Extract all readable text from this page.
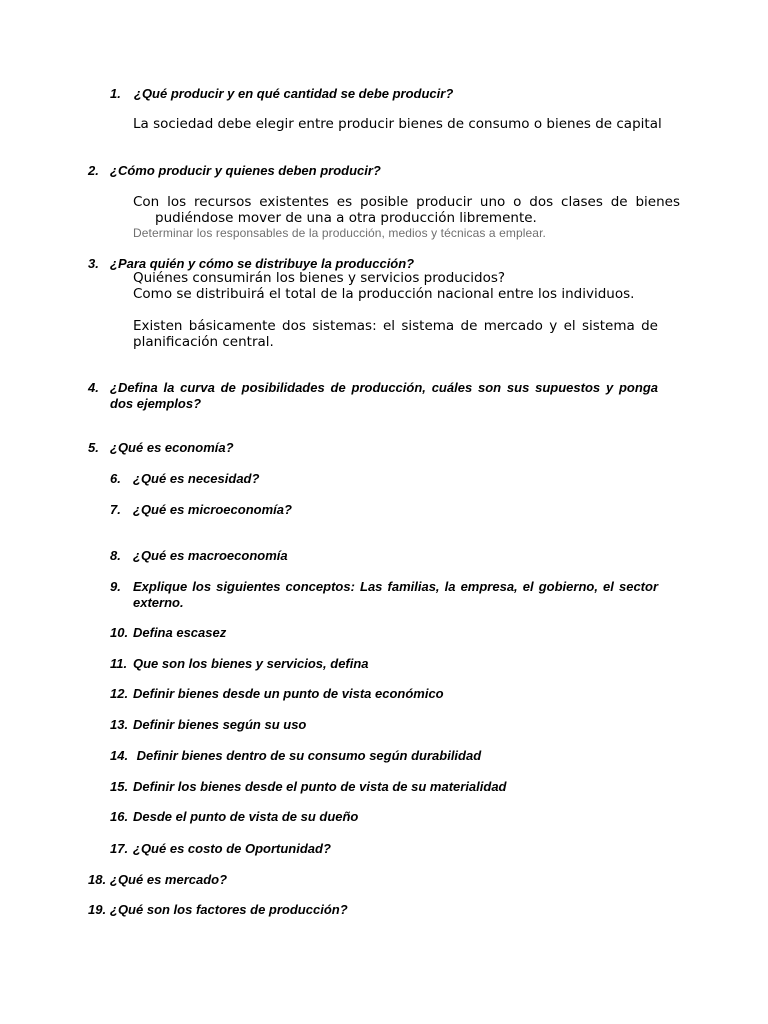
1. ¿Qué producir y en qué cantidad se debe producir?
La sociedad debe elegir entre producir bienes de consumo o bienes de capital
2. ¿Cómo producir y quienes deben producir?
Con los recursos existentes es posible producir uno o dos clases de bienes pudiéndose mover de una a otra producción libremente.
Determinar los responsables de la producción, medios y técnicas a emplear.
3. ¿Para quién y cómo se distribuye la producción?
Quiénes consumirán los bienes y servicios producidos?
Como se distribuirá el total de la producción nacional entre los individuos.
Existen básicamente dos sistemas: el sistema de mercado y el sistema de planificación central.
4. ¿Defina la curva de posibilidades de producción, cuáles son sus supuestos y ponga dos ejemplos?
5. ¿Qué es economía?
6. ¿Qué es necesidad?
7. ¿Qué es microeconomía?
8. ¿Qué es macroeconomía
9. Explique los siguientes conceptos: Las familias, la empresa, el gobierno, el sector externo.
10. Defina escasez
11. Que son los bienes y servicios, defina
12. Definir bienes desde un punto de vista económico
13. Definir bienes según su uso
14. Definir bienes dentro de su consumo según durabilidad
15. Definir los bienes desde el punto de vista de su materialidad
16. Desde el punto de vista de su dueño
17. ¿Qué es costo de Oportunidad?
18. ¿Qué es mercado?
19. ¿Qué son los factores de producción?
